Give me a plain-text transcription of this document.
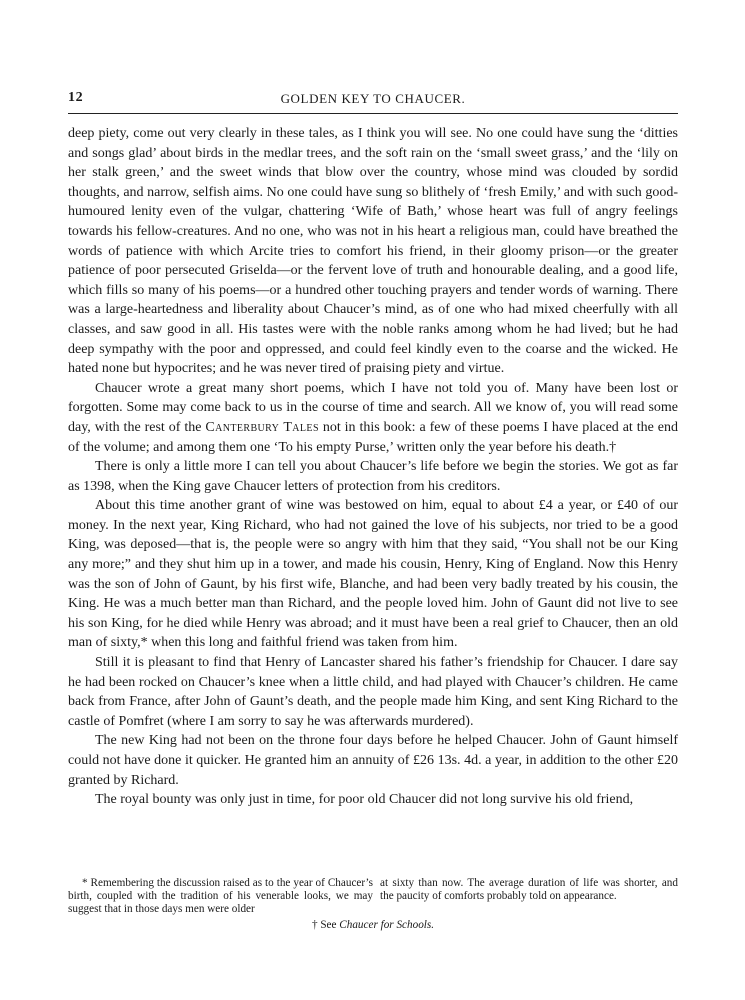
12	GOLDEN KEY TO CHAUCER.

deep piety, come out very clearly in these tales, as I think you will see. No one could have sung the ‘ditties and songs glad’ about birds in the medlar trees, and the soft rain on the ‘small sweet grass,’ and the ‘lily on her stalk green,’ and the sweet winds that blow over the country, whose mind was clouded by sordid thoughts, and narrow, selfish aims. No one could have sung so blithely of ‘fresh Emily,’ and with such good-humoured lenity even of the vulgar, chattering ‘Wife of Bath,’ whose heart was full of angry feelings towards his fellow-creatures. And no one, who was not in his heart a religious man, could have breathed the words of patience with which Arcite tries to comfort his friend, in their gloomy prison—or the greater patience of poor persecuted Griselda—or the fervent love of truth and honourable dealing, and a good life, which fills so many of his poems—or a hundred other touching prayers and tender words of warning. There was a large-heartedness and liberality about Chaucer’s mind, as of one who had mixed cheerfully with all classes, and saw good in all. His tastes were with the noble ranks among whom he had lived; but he had deep sympathy with the poor and oppressed, and could feel kindly even to the coarse and the wicked. He hated none but hypocrites; and he was never tired of praising piety and virtue.

Chaucer wrote a great many short poems, which I have not told you of. Many have been lost or forgotten. Some may come back to us in the course of time and search. All we know of, you will read some day, with the rest of the Canterbury Tales not in this book: a few of these poems I have placed at the end of the volume; and among them one ‘To his empty Purse,’ written only the year before his death.†

There is only a little more I can tell you about Chaucer’s life before we begin the stories. We got as far as 1398, when the King gave Chaucer letters of protection from his creditors.

About this time another grant of wine was bestowed on him, equal to about £4 a year, or £40 of our money. In the next year, King Richard, who had not gained the love of his subjects, nor tried to be a good King, was deposed—that is, the people were so angry with him that they said, “You shall not be our King any more;” and they shut him up in a tower, and made his cousin, Henry, King of England. Now this Henry was the son of John of Gaunt, by his first wife, Blanche, and had been very badly treated by his cousin, the King. He was a much better man than Richard, and the people loved him. John of Gaunt did not live to see his son King, for he died while Henry was abroad; and it must have been a real grief to Chaucer, then an old man of sixty,* when this long and faithful friend was taken from him.

Still it is pleasant to find that Henry of Lancaster shared his father’s friendship for Chaucer. I dare say he had been rocked on Chaucer’s knee when a little child, and had played with Chaucer’s children. He came back from France, after John of Gaunt’s death, and the people made him King, and sent King Richard to the castle of Pomfret (where I am sorry to say he was afterwards murdered).

The new King had not been on the throne four days before he helped Chaucer. John of Gaunt himself could not have done it quicker. He granted him an annuity of £26 13s. 4d. a year, in addition to the other £20 granted by Richard.

The royal bounty was only just in time, for poor old Chaucer did not long survive his old friend,

* Remembering the discussion raised as to the year of Chaucer’s birth, coupled with the tradition of his venerable looks, we may suggest that in those days men were older
at sixty than now. The average duration of life was shorter, and the paucity of comforts probably told on appearance.
† See Chaucer for Schools.
